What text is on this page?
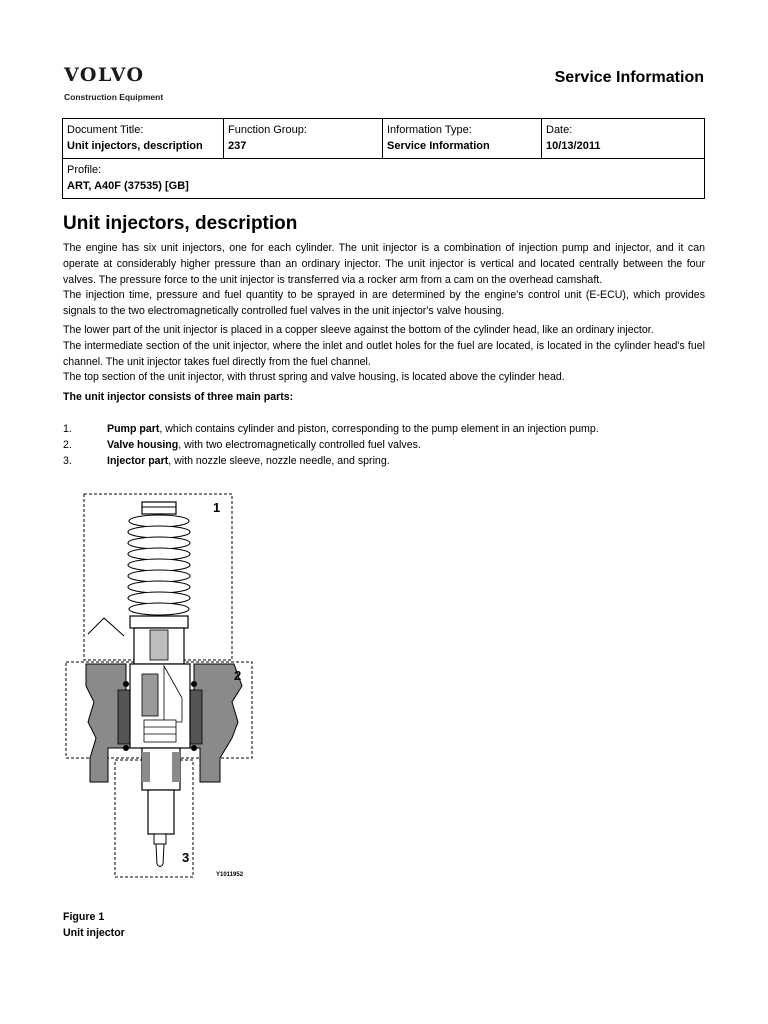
VOLVO
Construction Equipment
Service Information
Document Title:
Unit injectors, description

Function Group:
237

Information Type:
Service Information

Date:
10/13/2011

Profile:
ART, A40F (37535) [GB]
Unit injectors, description

The engine has six unit injectors, one for each cylinder. The unit injector is a combination of injection pump and injector, and it can operate at considerably higher pressure than an ordinary injector. The unit injector is vertical and located centrally between the four valves. The pressure force to the unit injector is transferred via a rocker arm from a cam on the overhead camshaft.

The injection time, pressure and fuel quantity to be sprayed in are determined by the engine's control unit (E-ECU), which provides signals to the two electromagnetically controlled fuel valves in the unit injector's valve housing.

The lower part of the unit injector is placed in a copper sleeve against the bottom of the cylinder head, like an ordinary injector.

The intermediate section of the unit injector, where the inlet and outlet holes for the fuel are located, is located in the cylinder head's fuel channel. The unit injector takes fuel directly from the fuel channel.

The top section of the unit injector, with thrust spring and valve housing, is located above the cylinder head.

The unit injector consists of three main parts:
1.	Pump part, which contains cylinder and piston, corresponding to the pump element in an injection pump.
2.	Valve housing, with two electromagnetically controlled fuel valves.
3.	Injector part, with nozzle sleeve, nozzle needle, and spring.
1
2
3
Y1011952
Figure 1
Unit injector
